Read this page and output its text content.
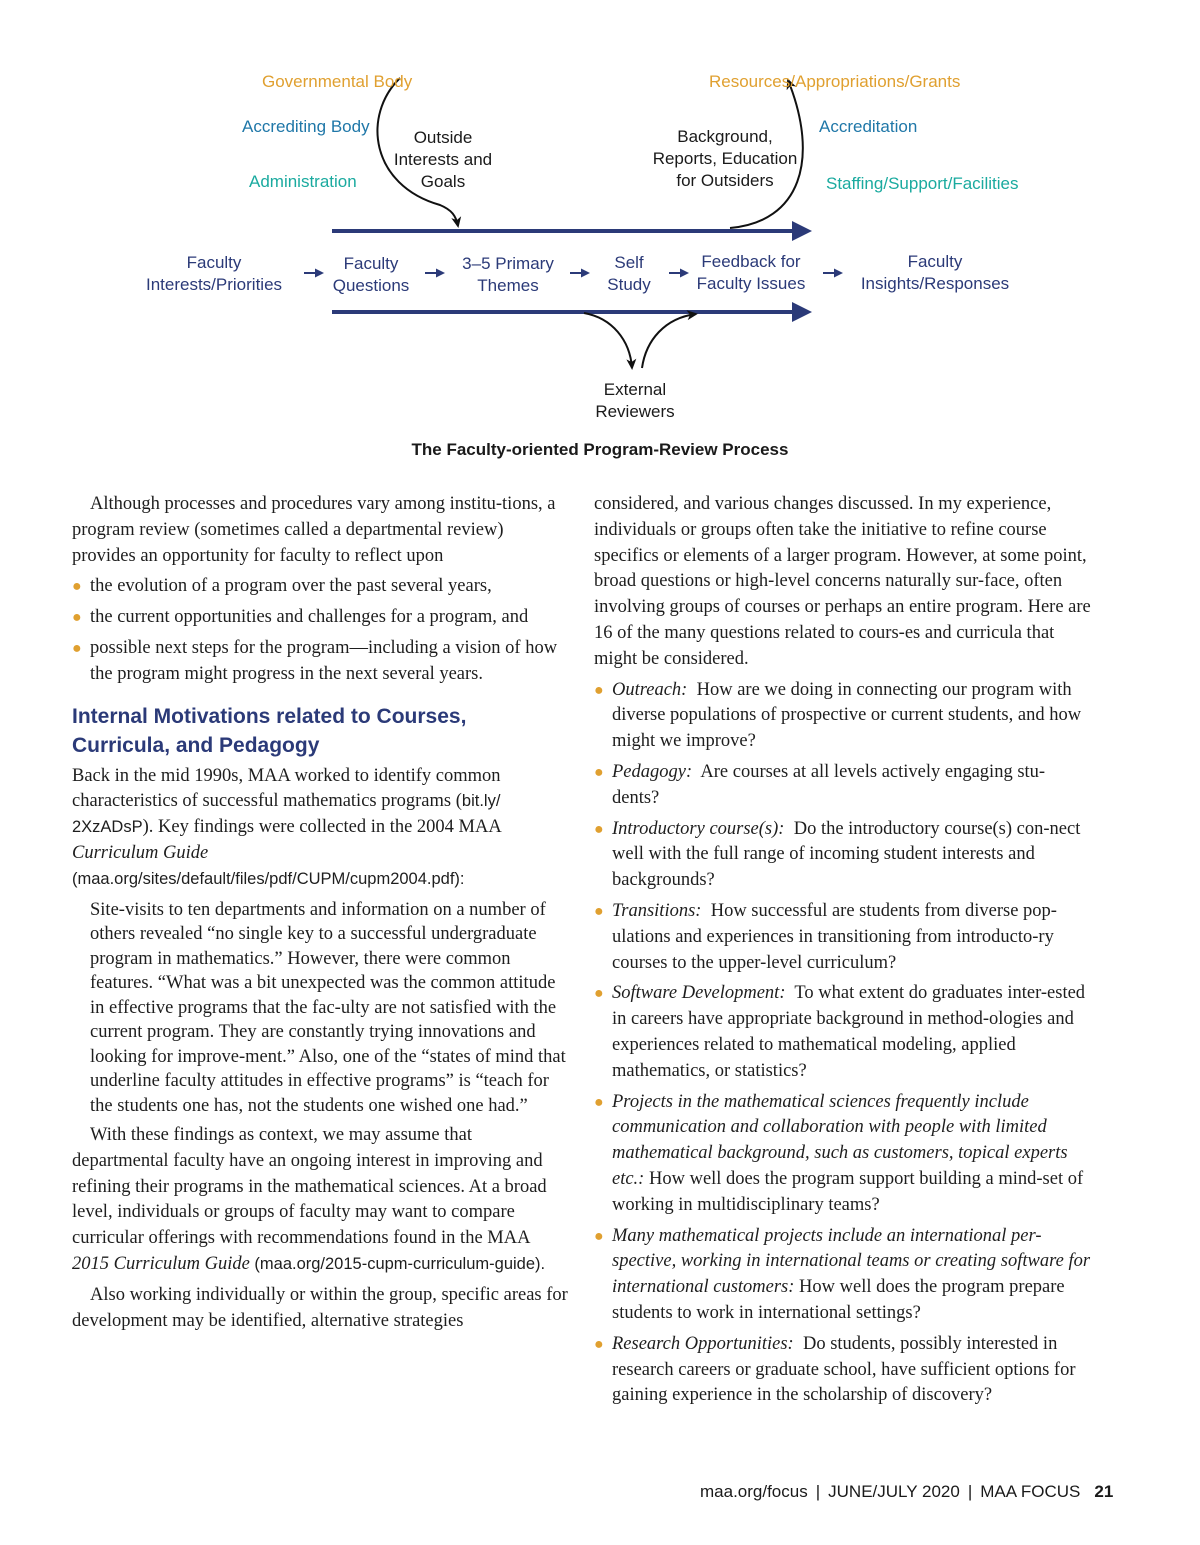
Governmental Body
Accrediting Body
Administration
Outside
Interests and
Goals
Background,
Reports, Education
for Outsiders
Resources/Appropriations/Grants
Accreditation
Staffing/Support/Facilities
Faculty
Interests/Priorities
Faculty
Questions
3–5 Primary
Themes
Self
Study
Feedback for
Faculty Issues
Faculty
Insights/Responses
External
Reviewers
The Faculty-oriented Program-Review Process

Although processes and procedures vary among institu-tions, a program review (sometimes called a departmental review) provides an opportunity for faculty to reflect upon

● the evolution of a program over the past several years,
● the current opportunities and challenges for a program, and
● possible next steps for the program—including a vision of how the program might progress in the next several years.
Internal Motivations related to Courses, Curricula, and Pedagogy

Back in the mid 1990s, MAA worked to identify common characteristics of successful mathematics programs (bit.ly/ 2XzADsP). Key findings were collected in the 2004 MAA Curriculum Guide (maa.org/sites/default/files/pdf/CUPM/cupm2004.pdf):

Site-visits to ten departments and information on a number of others revealed “no single key to a successful undergraduate program in mathematics.” However, there were common features. “What was a bit unexpected was the common attitude in effective programs that the fac-ulty are not satisfied with the current program. They are constantly trying innovations and looking for improve-ment.” Also, one of the “states of mind that underline faculty attitudes in effective programs” is “teach for the students one has, not the students one wished one had.”

With these findings as context, we may assume that departmental faculty have an ongoing interest in improving and refining their programs in the mathematical sciences. At a broad level, individuals or groups of faculty may want to compare curricular offerings with recommendations found in the MAA 2015 Curriculum Guide (maa.org/2015-cupm-curriculum-guide).

Also working individually or within the group, specific areas for development may be identified, alternative strategies

considered, and various changes discussed. In my experience, individuals or groups often take the initiative to refine course specifics or elements of a larger program. However, at some point, broad questions or high-level concerns naturally sur-face, often involving groups of courses or perhaps an entire program. Here are 16 of the many questions related to cours-es and curricula that might be considered.

● Outreach: How are we doing in connecting our program with diverse populations of prospective or current students, and how might we improve?
● Pedagogy: Are courses at all levels actively engaging stu-dents?
● Introductory course(s): Do the introductory course(s) con-nect well with the full range of incoming student interests and backgrounds?
● Transitions: How successful are students from diverse pop-ulations and experiences in transitioning from introducto-ry courses to the upper-level curriculum?
● Software Development: To what extent do graduates inter-ested in careers have appropriate background in method-ologies and experiences related to mathematical modeling, applied mathematics, or statistics?
● Projects in the mathematical sciences frequently include communication and collaboration with people with limited mathematical background, such as customers, topical experts etc.: How well does the program support building a mind-set of working in multidisciplinary teams?
● Many mathematical projects include an international per-spective, working in international teams or creating software for international customers: How well does the program prepare students to work in international settings?
● Research Opportunities: Do students, possibly interested in research careers or graduate school, have sufficient options for gaining experience in the scholarship of discovery?
maa.org/focus | JUNE/JULY 2020 | MAA FOCUS 21
